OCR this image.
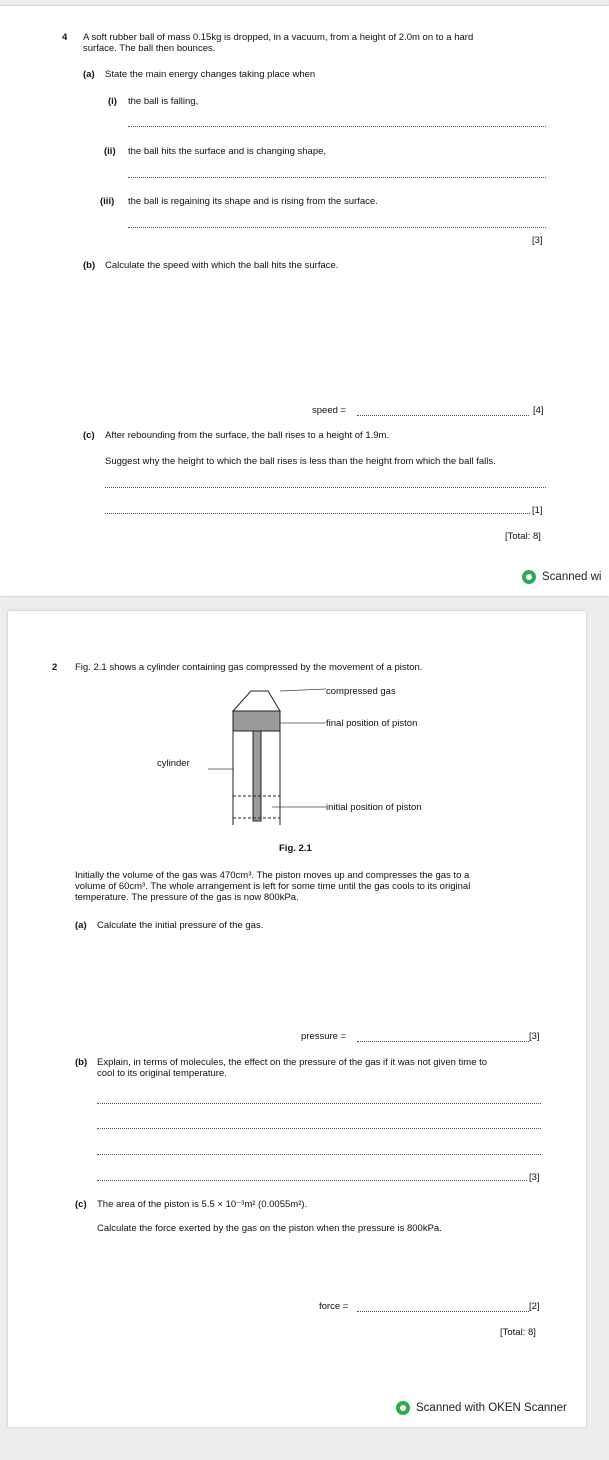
4 A soft rubber ball of mass 0.15kg is dropped, in a vacuum, from a height of 2.0m on to a hard
surface. The ball then bounces.
(a) State the main energy changes taking place when
(i) the ball is falling,
(ii) the ball hits the surface and is changing shape,
(iii) the ball is regaining its shape and is rising from the surface.
[3]
(b) Calculate the speed with which the ball hits the surface.
speed =	[4]
(c) After rebounding from the surface, the ball rises to a height of 1.9m.
Suggest why the height to which the ball rises is less than the height from which the ball falls.
[1]
[Total: 8]
Scanned wi
2 Fig. 2.1 shows a cylinder containing gas compressed by the movement of a piston.
compressed gas
final position of piston
cylinder
initial position of piston
Fig. 2.1
Initially the volume of the gas was 470cm³. The piston moves up and compresses the gas to a
volume of 60cm³. The whole arrangement is left for some time until the gas cools to its original
temperature. The pressure of the gas is now 800kPa.
(a) Calculate the initial pressure of the gas.
pressure =	[3]
(b) Explain, in terms of molecules, the effect on the pressure of the gas if it was not given time to
cool to its original temperature.
[3]
(c) The area of the piston is 5.5 × 10⁻³m² (0.0055m²).
Calculate the force exerted by the gas on the piston when the pressure is 800kPa.
force =	[2]
[Total: 8]
Scanned with OKEN Scanner
